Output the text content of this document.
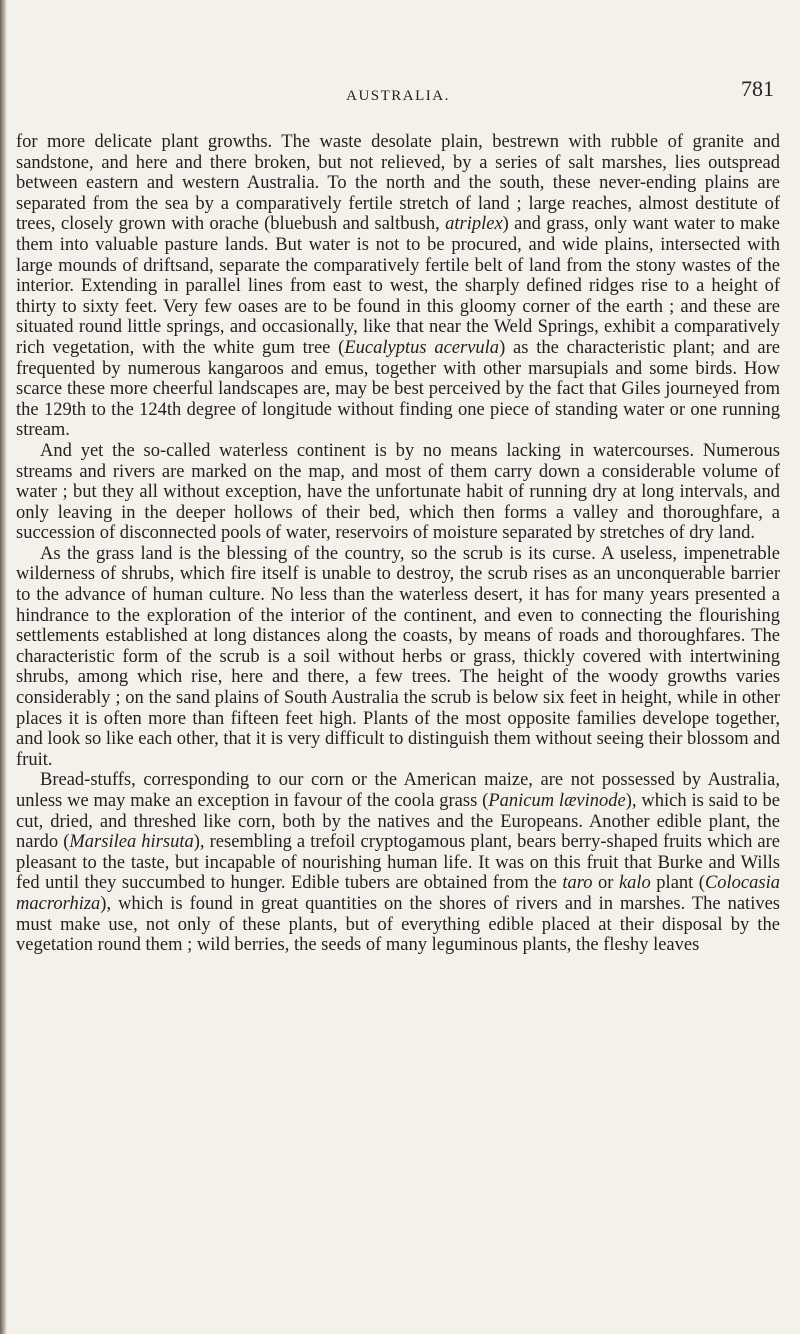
AUSTRALIA.	781

for more delicate plant growths. The waste desolate plain, bestrewn with rubble of granite and sandstone, and here and there broken, but not relieved, by a series of salt marshes, lies outspread between eastern and western Australia. To the north and the south, these never-ending plains are separated from the sea by a comparatively fertile stretch of land ; large reaches, almost destitute of trees, closely grown with orache (bluebush and saltbush, atriplex) and grass, only want water to make them into valuable pasture lands. But water is not to be procured, and wide plains, intersected with large mounds of driftsand, separate the comparatively fertile belt of land from the stony wastes of the interior. Extending in parallel lines from east to west, the sharply defined ridges rise to a height of thirty to sixty feet. Very few oases are to be found in this gloomy corner of the earth ; and these are situated round little springs, and occasionally, like that near the Weld Springs, exhibit a comparatively rich vegetation, with the white gum tree (Eucalyptus acervula) as the characteristic plant; and are frequented by numerous kangaroos and emus, together with other marsupials and some birds. How scarce these more cheerful landscapes are, may be best perceived by the fact that Giles journeyed from the 129th to the 124th degree of longitude without finding one piece of standing water or one running stream.

And yet the so-called waterless continent is by no means lacking in watercourses. Numerous streams and rivers are marked on the map, and most of them carry down a considerable volume of water ; but they all without exception, have the unfortunate habit of running dry at long intervals, and only leaving in the deeper hollows of their bed, which then forms a valley and thoroughfare, a succession of disconnected pools of water, reservoirs of moisture separated by stretches of dry land.

As the grass land is the blessing of the country, so the scrub is its curse. A useless, impenetrable wilderness of shrubs, which fire itself is unable to destroy, the scrub rises as an unconquerable barrier to the advance of human culture. No less than the waterless desert, it has for many years presented a hindrance to the exploration of the interior of the continent, and even to connecting the flourishing settlements established at long distances along the coasts, by means of roads and thoroughfares. The characteristic form of the scrub is a soil without herbs or grass, thickly covered with intertwining shrubs, among which rise, here and there, a few trees. The height of the woody growths varies considerably ; on the sand plains of South Australia the scrub is below six feet in height, while in other places it is often more than fifteen feet high. Plants of the most opposite families develope together, and look so like each other, that it is very difficult to distinguish them without seeing their blossom and fruit.

Bread-stuffs, corresponding to our corn or the American maize, are not possessed by Australia, unless we may make an exception in favour of the coola grass (Panicum lævinode), which is said to be cut, dried, and threshed like corn, both by the natives and the Europeans. Another edible plant, the nardo (Marsilea hirsuta), resembling a trefoil cryptogamous plant, bears berry-shaped fruits which are pleasant to the taste, but incapable of nourishing human life. It was on this fruit that Burke and Wills fed until they succumbed to hunger. Edible tubers are obtained from the taro or kalo plant (Colocasia macrorhiza), which is found in great quantities on the shores of rivers and in marshes. The natives must make use, not only of these plants, but of everything edible placed at their disposal by the vegetation round them ; wild berries, the seeds of many leguminous plants, the fleshy leaves
